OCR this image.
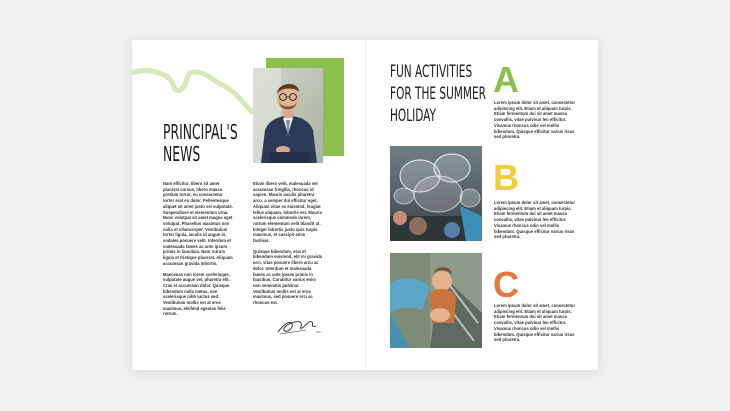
PRINCIPAL'S
NEWS

Nam efficitur, libero sit amet placerat cursus, libero massa pretium tortor, eu consectetur tortor erat eu dolor. Pellentesque aliquet sit amet justo vel vulputate. Suspendisse et elementum urna. Nunc volutpat sit amet magna eget volutpat. Phasellus maximus non nulla et ullamcorper. Vestibulum tortor ligula, iaculis id augue in, sodales posuere velit. Interdum et malesuada fames ac ante ipsum primis in faucibus. Nam rutrum ligula et tristique placerat. Aliquam accumsan gravida lobortis.

Maecenas non lorem scelerisque, vulputate augue vel, pharetra elit. Cras et accumsan dolor. Quisque bibendum nulla metus, non scelerisque nibh luctus sed. Vestibulum mollis est at eros maximus, eleifend egestas felis rutrum.

Etiam libero velit, malesuada vel accumsan fringilla, rhoncus id sapien. Mauris iaculis pharetra arcu, a semper dui efficitur eget. Aliquam vitae ex euismod, feugiat tellus aliquam, lobortis est. Mauris scelerisque commodo lorem, rutrum elementum velit blandit ut. Integer lobortis justo quis turpis maximus, et suscipit enim facilisis.

Quisque bibendum, erat et bibendum euismod, elit mi gravida orci, vitae posuere libero arcu ac dolor. Interdum et malesuada fames ac ante ipsum primis in faucibus. Curabitur varius enim non venenatis pulvinar. Vestibulum mollis est at eros maximus, sed posuere orci ac rhoncus est.

2017
FUN ACTIVITIES
FOR THE SUMMER
HOLIDAY
A
Lorem ipsum dolor sit amet, consectetur adipiscing elit. Etiam et aliquam turpis. Etiam fermentum dui sit amet massa convallis, vitae pulvinar leo efficitur. Vivamus rhoncus odio vel mollis bibendum. Quisque efficitur varius risus sed pharetra.
B
Lorem ipsum dolor sit amet, consectetur adipiscing elit. Etiam et aliquam turpis. Etiam fermentum dui sit amet massa convallis, vitae pulvinar leo efficitur. Vivamus rhoncus odio vel mollis bibendum. Quisque efficitur varius risus sed pharetra.
C
Lorem ipsum dolor sit amet, consectetur adipiscing elit. Etiam et aliquam turpis. Etiam fermentum dui sit amet massa convallis, vitae pulvinar leo efficitur. Vivamus rhoncus odio vel mollis bibendum. Quisque efficitur varius risus sed pharetra.
